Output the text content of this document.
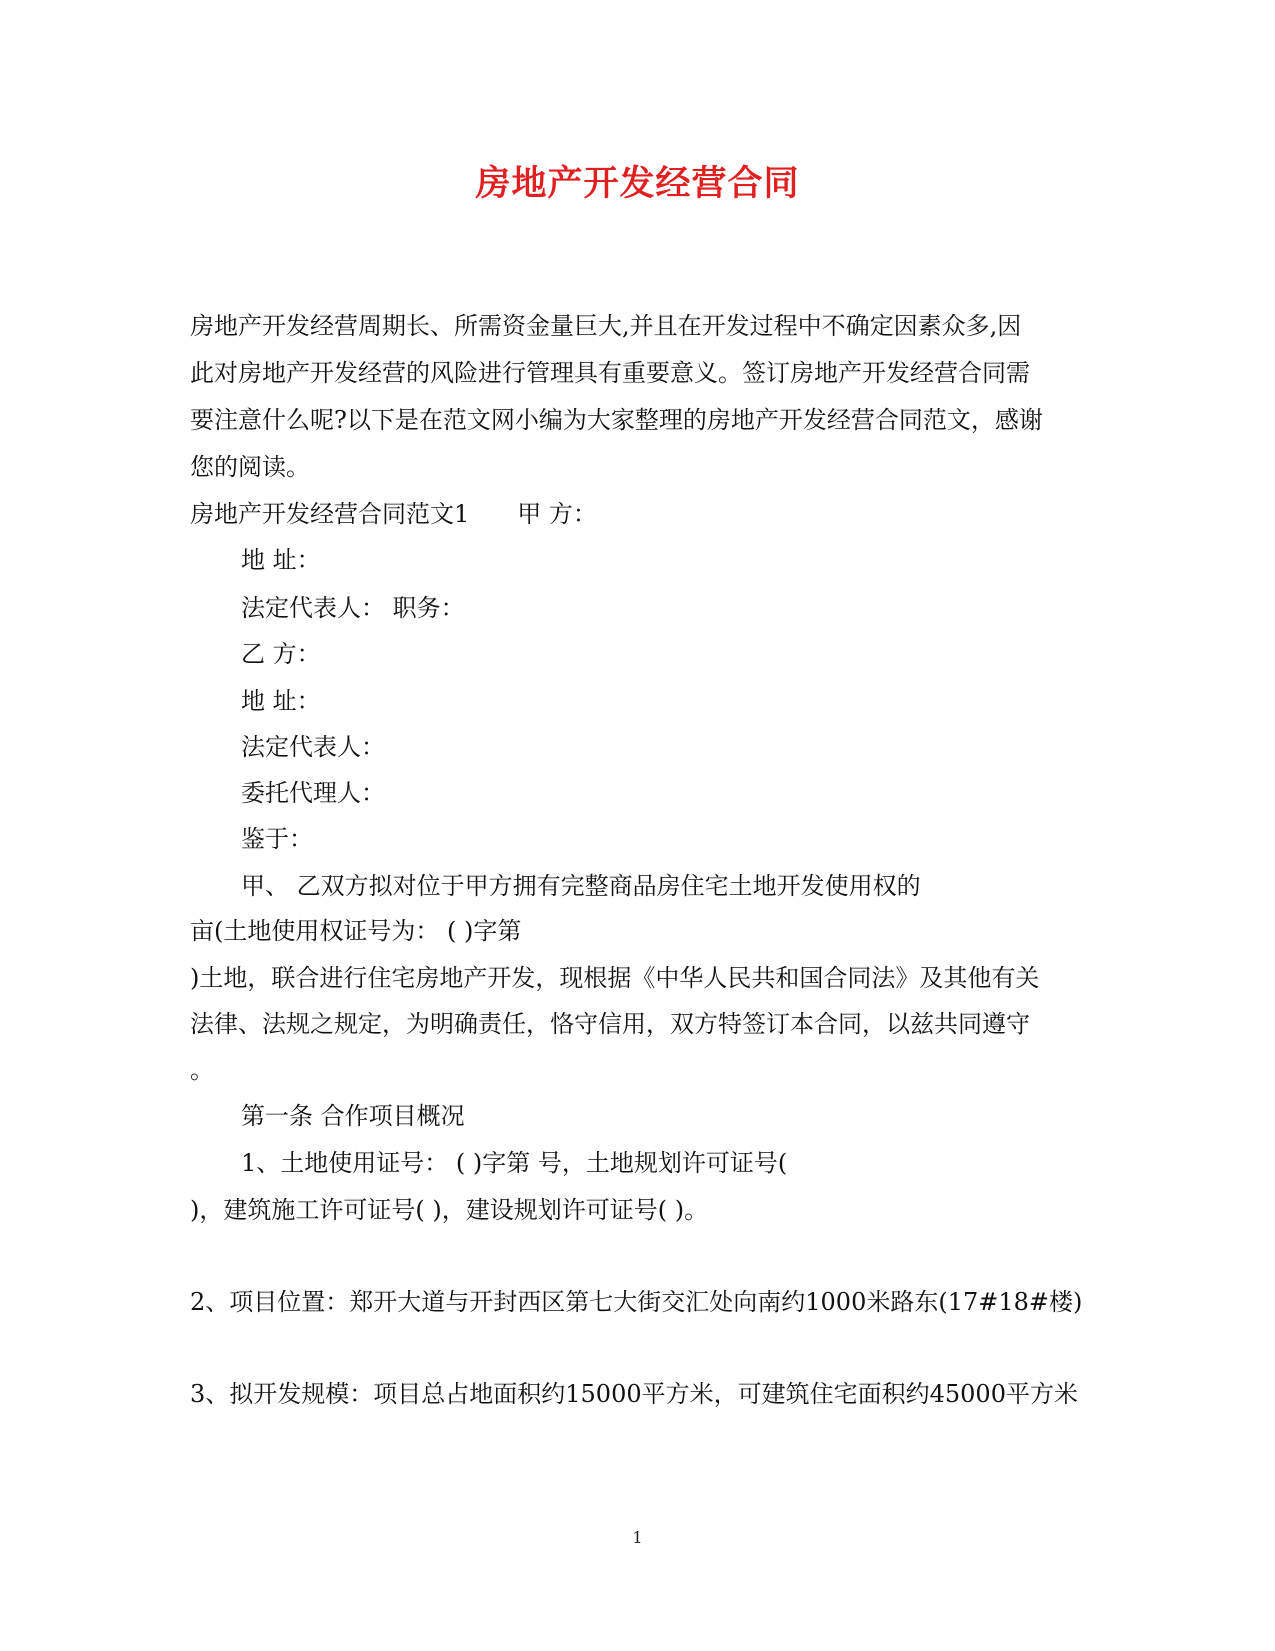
房地产开发经营合同
房地产开发经营周期长、所需资金量巨大,并且在开发过程中不确定因素众多,因
此对房地产开发经营的风险进行管理具有重要意义。签订房地产开发经营合同需
要注意什么呢?以下是在范文网小编为大家整理的房地产开发经营合同范文，感谢
您的阅读。
房地产开发经营合同范文1　　甲 方：
地 址：
法定代表人： 职务：
乙 方：
地 址：
法定代表人：
委托代理人：
鉴于：
甲、 乙双方拟对位于甲方拥有完整商品房住宅土地开发使用权的
亩(土地使用权证号为： ( )字第
)土地，联合进行住宅房地产开发，现根据《中华人民共和国合同法》及其他有关
法律、法规之规定，为明确责任，恪守信用，双方特签订本合同，以兹共同遵守
。
第一条 合作项目概况
1、土地使用证号： ( )字第 号，土地规划许可证号(
)，建筑施工许可证号( )，建设规划许可证号( )。
2、项目位置：郑开大道与开封西区第七大街交汇处向南约1000米路东(17#18#楼)
3、拟开发规模：项目总占地面积约15000平方米，可建筑住宅面积约45000平方米
1
